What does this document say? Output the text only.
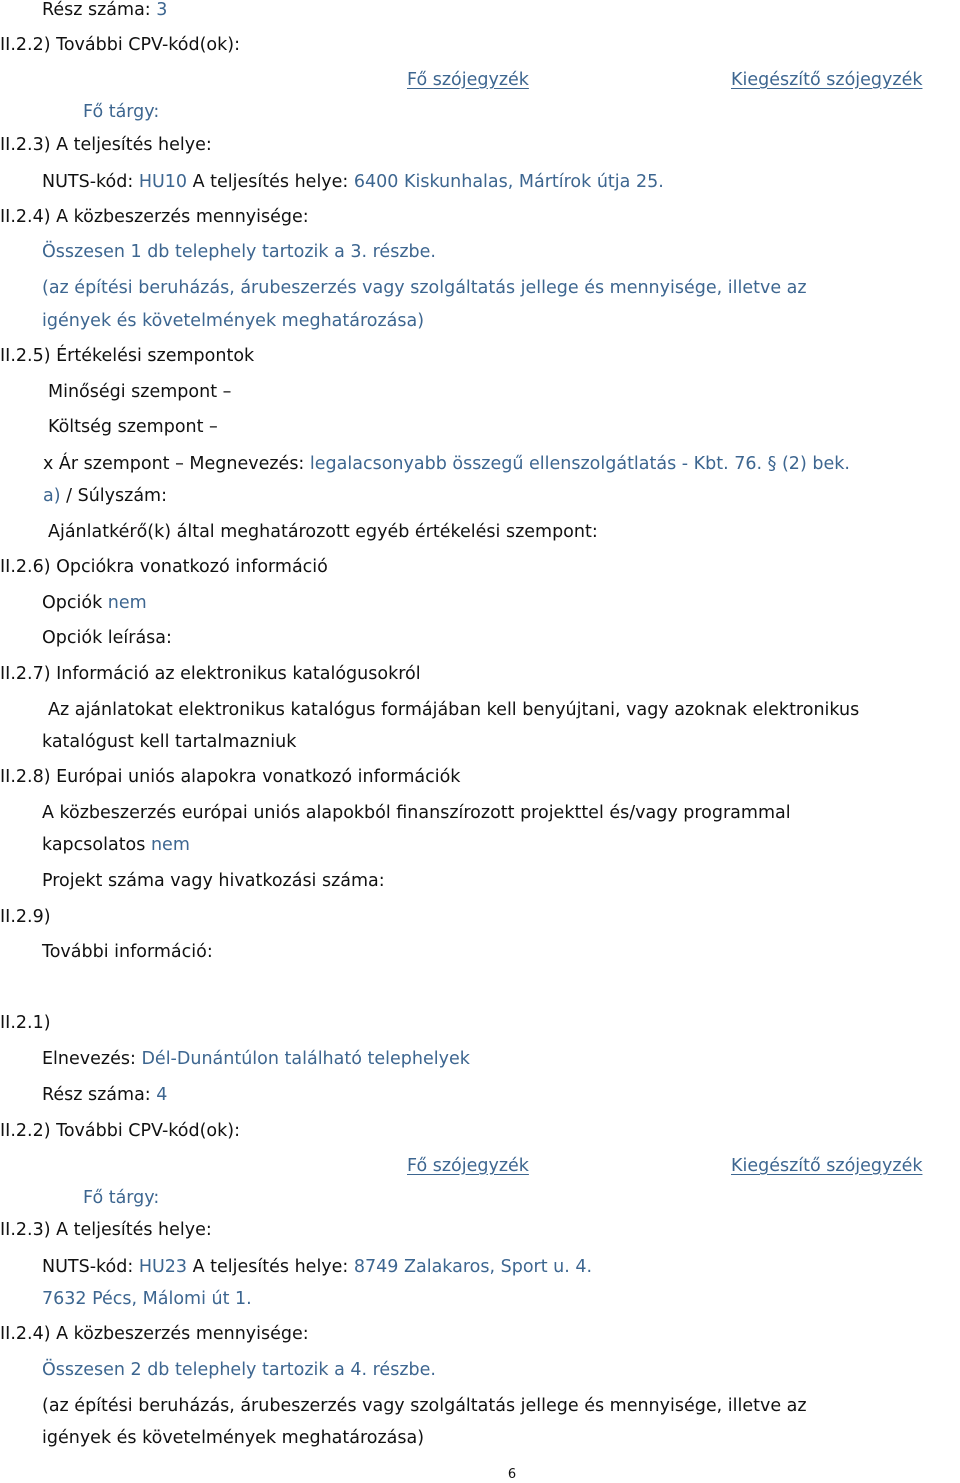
Rész száma: 3
II.2.2) További CPV-kód(ok):
Fő szójegyzék	Kiegészítő szójegyzék
Fő tárgy:
II.2.3) A teljesítés helye:
NUTS-kód: HU10 A teljesítés helye: 6400 Kiskunhalas, Mártírok útja 25.
II.2.4) A közbeszerzés mennyisége:
Összesen 1 db telephely tartozik a 3. részbe.
(az építési beruházás, árubeszerzés vagy szolgáltatás jellege és mennyisége, illetve az
igények és követelmények meghatározása)
II.2.5) Értékelési szempontok
Minőségi szempont –
Költség szempont –
x Ár szempont – Megnevezés: legalacsonyabb összegű ellenszolgátlatás - Kbt. 76. § (2) bek.
a) / Súlyszám:
Ajánlatkérő(k) által meghatározott egyéb értékelési szempont:
II.2.6) Opciókra vonatkozó információ
Opciók nem
Opciók leírása:
II.2.7) Információ az elektronikus katalógusokról
Az ajánlatokat elektronikus katalógus formájában kell benyújtani, vagy azoknak elektronikus
katalógust kell tartalmazniuk
II.2.8) Európai uniós alapokra vonatkozó információk
A közbeszerzés európai uniós alapokból finanszírozott projekttel és/vagy programmal
kapcsolatos nem
Projekt száma vagy hivatkozási száma:
II.2.9)
További információ:
II.2.1)
Elnevezés: Dél-Dunántúlon található telephelyek
Rész száma: 4
II.2.2) További CPV-kód(ok):
Fő szójegyzék	Kiegészítő szójegyzék
Fő tárgy:
II.2.3) A teljesítés helye:
NUTS-kód: HU23 A teljesítés helye: 8749 Zalakaros, Sport u. 4.
7632 Pécs, Málomi út 1.
II.2.4) A közbeszerzés mennyisége:
Összesen 2 db telephely tartozik a 4. részbe.
(az építési beruházás, árubeszerzés vagy szolgáltatás jellege és mennyisége, illetve az
igények és követelmények meghatározása)
6
